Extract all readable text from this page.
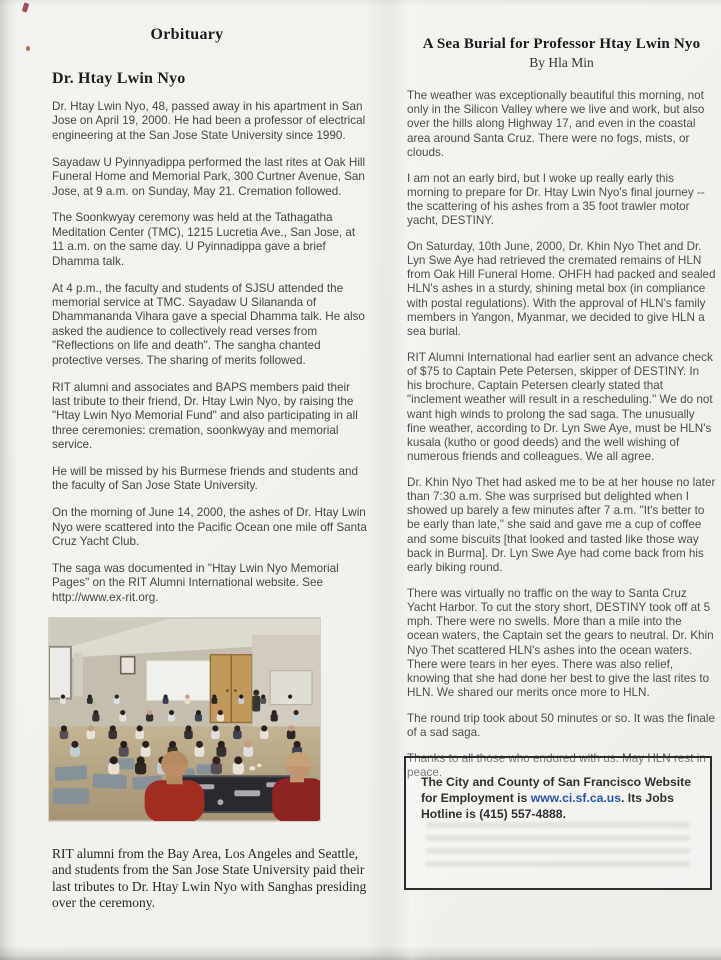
Orbituary
Dr. Htay Lwin Nyo

Dr. Htay Lwin Nyo, 48, passed away in his apartment in San Jose on April 19, 2000. He had been a professor of electrical engineering at the San Jose State University since 1990.

Sayadaw U Pyinnyadippa performed the last rites at Oak Hill Funeral Home and Memorial Park, 300 Curtner Avenue, San Jose, at 9 a.m. on Sunday, May 21. Cremation followed.

The Soonkwyay ceremony was held at the Tathagatha Meditation Center (TMC), 1215 Lucretia Ave., San Jose, at 11 a.m. on the same day. U Pyinnadippa gave a brief Dhamma talk.

At 4 p.m., the faculty and students of SJSU attended the memorial service at TMC. Sayadaw U Silananda of Dhammananda Vihara gave a special Dhamma talk. He also asked the audience to collectively read verses from "Reflections on life and death". The sangha chanted protective verses. The sharing of merits followed.

RIT alumni and associates and BAPS members paid their last tribute to their friend, Dr. Htay Lwin Nyo, by raising the "Htay Lwin Nyo Memorial Fund" and also participating in all three ceremonies: cremation, soonkwyay and memorial service.

He will be missed by his Burmese friends and students and the faculty of San Jose State University.

On the morning of June 14, 2000, the ashes of Dr. Htay Lwin Nyo were scattered into the Pacific Ocean one mile off Santa Cruz Yacht Club.

The saga was documented in "Htay Lwin Nyo Memorial Pages" on the RIT Alumni International website. See http://www.ex-rit.org.

RIT alumni from the Bay Area, Los Angeles and Seattle, and students from the San Jose State University paid their last tributes to Dr. Htay Lwin Nyo with Sanghas presiding over the ceremony.

A Sea Burial for Professor Htay Lwin Nyo
By Hla Min

The weather was exceptionally beautiful this morning, not only in the Silicon Valley where we live and work, but also over the hills along Highway 17, and even in the coastal area around Santa Cruz. There were no fogs, mists, or clouds.

I am not an early bird, but I woke up really early this morning to prepare for Dr. Htay Lwin Nyo's final journey -- the scattering of his ashes from a 35 foot trawler motor yacht, DESTINY.

On Saturday, 10th June, 2000, Dr. Khin Nyo Thet and Dr. Lyn Swe Aye had retrieved the cremated remains of HLN from Oak Hill Funeral Home. OHFH had packed and sealed HLN's ashes in a sturdy, shining metal box (in compliance with postal regulations). With the approval of HLN's family members in Yangon, Myanmar, we decided to give HLN a sea burial.

RIT Alumni International had earlier sent an advance check of $75 to Captain Pete Petersen, skipper of DESTINY. In his brochure, Captain Petersen clearly stated that "inclement weather will result in a rescheduling." We do not want high winds to prolong the sad saga. The unusually fine weather, according to Dr. Lyn Swe Aye, must be HLN's kusala (kutho or good deeds) and the well wishing of numerous friends and colleagues. We all agree.

Dr. Khin Nyo Thet had asked me to be at her house no later than 7:30 a.m. She was surprised but delighted when I showed up barely a few minutes after 7 a.m. "It's better to be early than late," she said and gave me a cup of coffee and some biscuits [that looked and tasted like those way back in Burma]. Dr. Lyn Swe Aye had come back from his early biking round.

There was virtually no traffic on the way to Santa Cruz Yacht Harbor. To cut the story short, DESTINY took off at 5 mph. There were no swells. More than a mile into the ocean waters, the Captain set the gears to neutral. Dr. Khin Nyo Thet scattered HLN's ashes into the ocean waters. There were tears in her eyes. There was also relief, knowing that she had done her best to give the last rites to HLN. We shared our merits once more to HLN.

The round trip took about 50 minutes or so. It was the finale of a sad saga.

Thanks to all those who endured with us. May HLN rest in peace.

The City and County of San Francisco Website for Employment is www.ci.sf.ca.us. Its Jobs Hotline is (415) 557-4888.
